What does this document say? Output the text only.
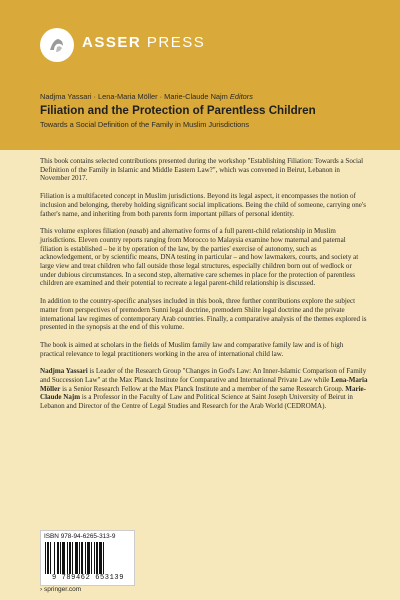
ASSER PRESS
Nadjma Yassari · Lena-Maria Möller · Marie-Claude Najm Editors
Filiation and the Protection of Parentless Children
Towards a Social Definition of the Family in Muslim Jurisdictions

This book contains selected contributions presented during the workshop "Establishing Filiation: Towards a Social Definition of the Family in Islamic and Middle Eastern Law?", which was convened in Beirut, Lebanon in November 2017.

Filiation is a multifaceted concept in Muslim jurisdictions. Beyond its legal aspect, it encompasses the notion of inclusion and belonging, thereby holding significant social implications. Being the child of someone, carrying one's father's name, and inheriting from both parents form important pillars of personal identity.

This volume explores filiation (nasab) and alternative forms of a full parent-child relationship in Muslim jurisdictions. Eleven country reports ranging from Morocco to Malaysia examine how maternal and paternal filiation is established – be it by operation of the law, by the parties' exercise of autonomy, such as acknowledgement, or by scientific means, DNA testing in particular – and how lawmakers, courts, and society at large view and treat children who fall outside those legal structures, especially children born out of wedlock or under dubious circumstances. In a second step, alternative care schemes in place for the protection of parentless children are examined and their potential to recreate a legal parent-child relationship is discussed.

In addition to the country-specific analyses included in this book, three further contributions explore the subject matter from perspectives of premodern Sunni legal doctrine, premodern Shiite legal doctrine and the private international law regimes of contemporary Arab countries. Finally, a comparative analysis of the themes explored is presented in the synopsis at the end of this volume.

The book is aimed at scholars in the fields of Muslim family law and comparative family law and is of high practical relevance to legal practitioners working in the area of international child law.

Nadjma Yassari is Leader of the Research Group "Changes in God's Law: An Inner-Islamic Comparison of Family and Succession Law" at the Max Planck Institute for Comparative and International Private Law while Lena-Maria Möller is a Senior Research Fellow at the Max Planck Institute and a member of the same Research Group. Marie-Claude Najm is a Professor in the Faculty of Law and Political Science at Saint Joseph University of Beirut in Lebanon and Director of the Centre of Legal Studies and Research for the Arab World (CEDROMA).

ISBN 978-94-6265-313-9
9 789462 653139
› springer.com
